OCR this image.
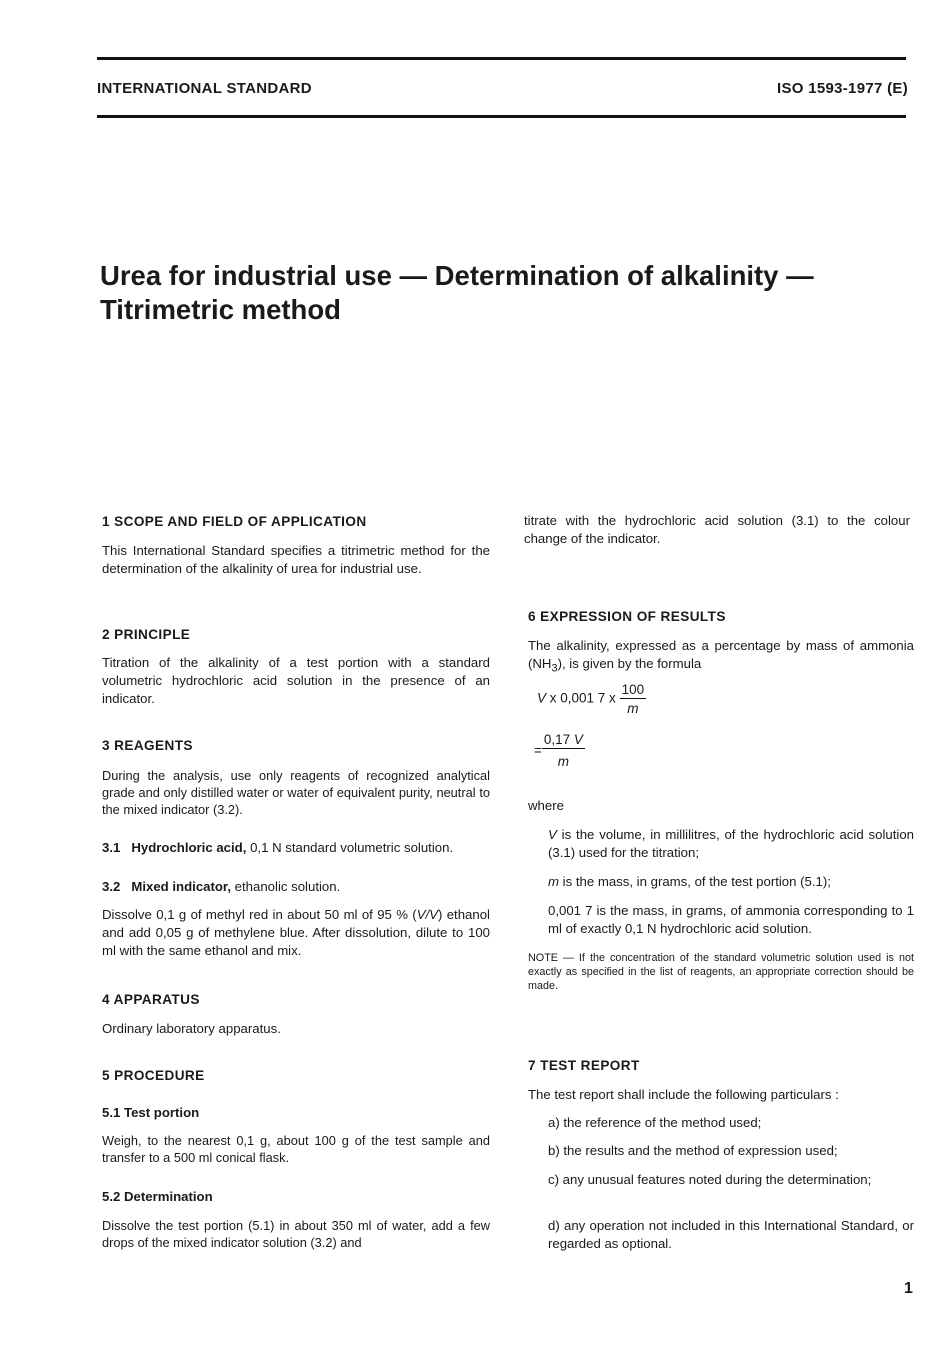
INTERNATIONAL STANDARD	ISO 1593-1977 (E)
Urea for industrial use — Determination of alkalinity —
Titrimetric method
1 SCOPE AND FIELD OF APPLICATION

This International Standard specifies a titrimetric method for the determination of the alkalinity of urea for industrial use.

2 PRINCIPLE

Titration of the alkalinity of a test portion with a standard volumetric hydrochloric acid solution in the presence of an indicator.

3 REAGENTS

During the analysis, use only reagents of recognized analytical grade and only distilled water or water of equivalent purity, neutral to the mixed indicator (3.2).

3.1 Hydrochloric acid, 0,1 N standard volumetric solution.

3.2 Mixed indicator, ethanolic solution.

Dissolve 0,1 g of methyl red in about 50 ml of 95 % (V/V) ethanol and add 0,05 g of methylene blue. After dissolution, dilute to 100 ml with the same ethanol and mix.

4 APPARATUS

Ordinary laboratory apparatus.

5 PROCEDURE
5.1 Test portion

Weigh, to the nearest 0,1 g, about 100 g of the test sample and transfer to a 500 ml conical flask.

5.2 Determination

Dissolve the test portion (5.1) in about 350 ml of water, add a few drops of the mixed indicator solution (3.2) and

titrate with the hydrochloric acid solution (3.1) to the colour change of the indicator.

6 EXPRESSION OF RESULTS

The alkalinity, expressed as a percentage by mass of ammonia $(NH_3)$, is given by the formula

V x 0,001 7 x $\frac{100}{m}$
= $\frac{0,17 V}{m}$
where

V is the volume, in millilitres, of the hydrochloric acid solution (3.1) used for the titration;

m is the mass, in grams, of the test portion (5.1);

0,001 7 is the mass, in grams, of ammonia corresponding to 1 ml of exactly 0,1 N hydrochloric acid solution.

NOTE — If the concentration of the standard volumetric solution used is not exactly as specified in the list of reagents, an appropriate correction should be made.

7 TEST REPORT

The test report shall include the following particulars :

a) the reference of the method used;

b) the results and the method of expression used;

c) any unusual features noted during the determination;

d) any operation not included in this International Standard, or regarded as optional.

1
